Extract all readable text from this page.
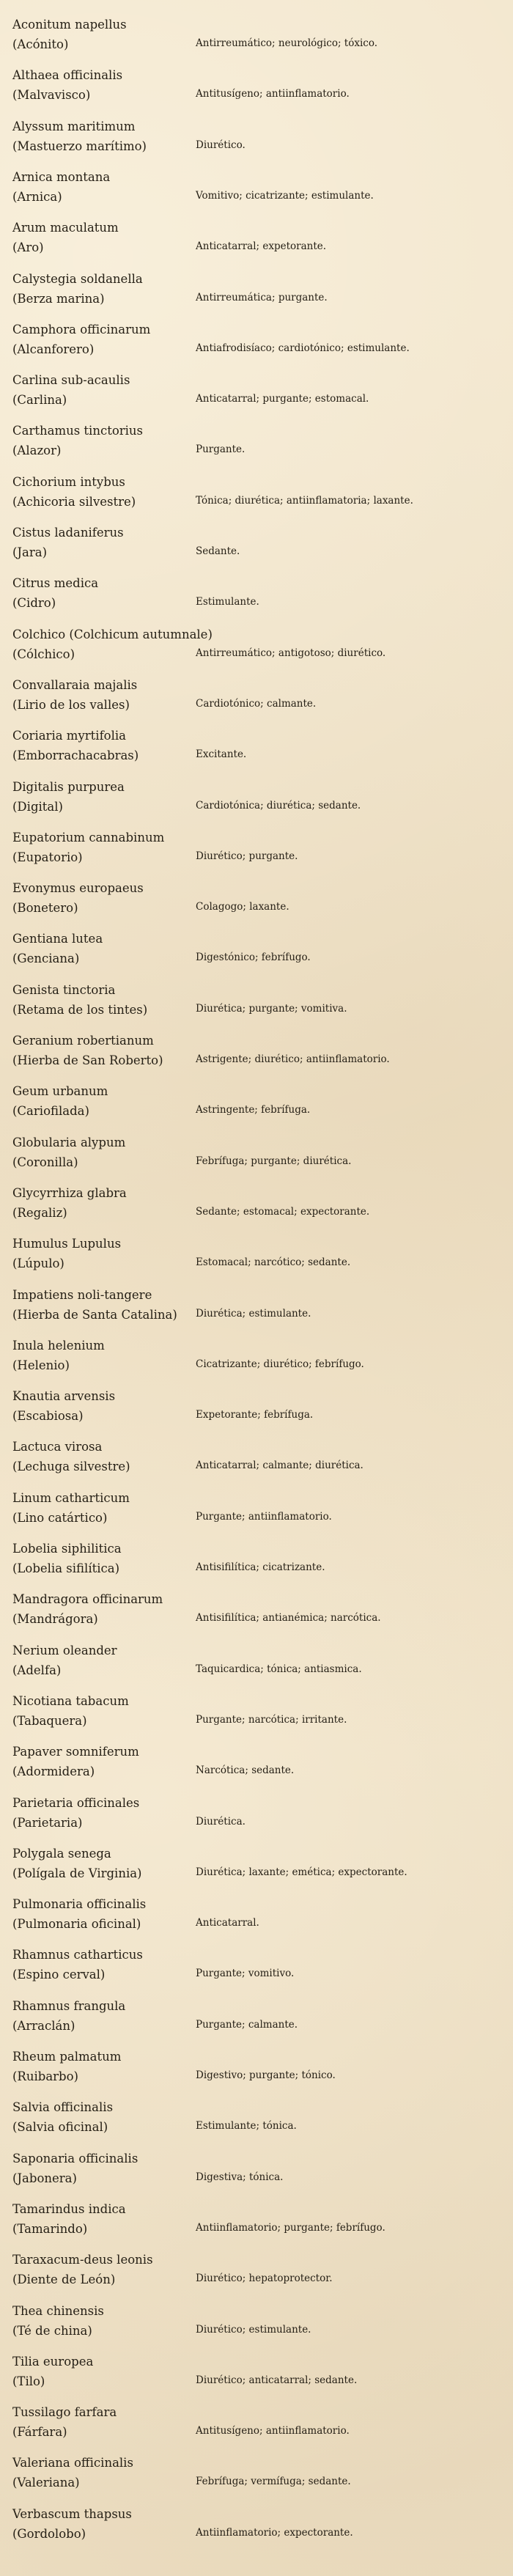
Aconitum napellus
(Acónito)	Antirreumático; neurológico; tóxico.
Althaea officinalis
(Malvavisco)	Antitusígeno; antiinflamatorio.
Alyssum maritimum
(Mastuerzo marítimo)	Diurético.
Arnica montana
(Arnica)	Vomitivo; cicatrizante; estimulante.
Arum maculatum
(Aro)	Anticatarral; expetorante.
Calystegia soldanella
(Berza marina)	Antirreumática; purgante.
Camphora officinarum
(Alcanforero)	Antiafrodisíaco; cardiotónico; estimulante.
Carlina sub-acaulis
(Carlina)	Anticatarral; purgante; estomacal.
Carthamus tinctorius
(Alazor)	Purgante.
Cichorium intybus
(Achicoria silvestre)	Tónica; diurética; antiinflamatoria; laxante.
Cistus ladaniferus
(Jara)	Sedante.
Citrus medica
(Cidro)	Estimulante.
Colchico (Colchicum autumnale)
(Cólchico)	Antirreumático; antigotoso; diurético.
Convallaraia majalis
(Lirio de los valles)	Cardiotónico; calmante.
Coriaria myrtifolia
(Emborrachacabras)	Excitante.
Digitalis purpurea
(Digital)	Cardiotónica; diurética; sedante.
Eupatorium cannabinum
(Eupatorio)	Diurético; purgante.
Evonymus europaeus
(Bonetero)	Colagogo; laxante.
Gentiana lutea
(Genciana)	Digestónico; febrífugo.
Genista tinctoria
(Retama de los tintes)	Diurética; purgante; vomitiva.
Geranium robertianum
(Hierba de San Roberto)	Astrigente; diurético; antiinflamatorio.
Geum urbanum
(Cariofilada)	Astringente; febrífuga.
Globularia alypum
(Coronilla)	Febrífuga; purgante; diurética.
Glycyrrhiza glabra
(Regaliz)	Sedante; estomacal; expectorante.
Humulus Lupulus
(Lúpulo)	Estomacal; narcótico; sedante.
Impatiens noli-tangere
(Hierba de Santa Catalina) Diurética; estimulante.
Inula helenium
(Helenio)	Cicatrizante; diurético; febrífugo.
Knautia arvensis
(Escabiosa)	Expetorante; febrífuga.
Lactuca virosa
(Lechuga silvestre)	Anticatarral; calmante; diurética.
Linum catharticum
(Lino catártico)	Purgante; antiinflamatorio.
Lobelia siphilitica
(Lobelia sifilítica)	Antisifilítica; cicatrizante.
Mandragora officinarum
(Mandrágora)	Antisifilítica; antianémica; narcótica.
Nerium oleander
(Adelfa)	Taquicardica; tónica; antiasmica.
Nicotiana tabacum
(Tabaquera)	Purgante; narcótica; irritante.
Papaver somniferum
(Adormidera)	Narcótica; sedante.
Parietaria officinales
(Parietaria)	Diurética.
Polygala senega
(Polígala de Virginia)	Diurética; laxante; emética; expectorante.
Pulmonaria officinalis
(Pulmonaria oficinal)	Anticatarral.
Rhamnus catharticus
(Espino cerval)	Purgante; vomitivo.
Rhamnus frangula
(Arraclán)	Purgante; calmante.
Rheum palmatum
(Ruibarbo)	Digestivo; purgante; tónico.
Salvia officinalis
(Salvia oficinal)	Estimulante; tónica.
Saponaria officinalis
(Jabonera)	Digestiva; tónica.
Tamarindus indica
(Tamarindo)	Antiinflamatorio; purgante; febrífugo.
Taraxacum-deus leonis
(Diente de León)	Diurético; hepatoprotector.
Thea chinensis
(Té de china)	Diurético; estimulante.
Tilia europea
(Tilo)	Diurético; anticatarral; sedante.
Tussilago farfara
(Fárfara)	Antitusígeno; antiinflamatorio.
Valeriana officinalis
(Valeriana)	Febrífuga; vermífuga; sedante.
Verbascum thapsus
(Gordolobo)	Antiinflamatorio; expectorante.
